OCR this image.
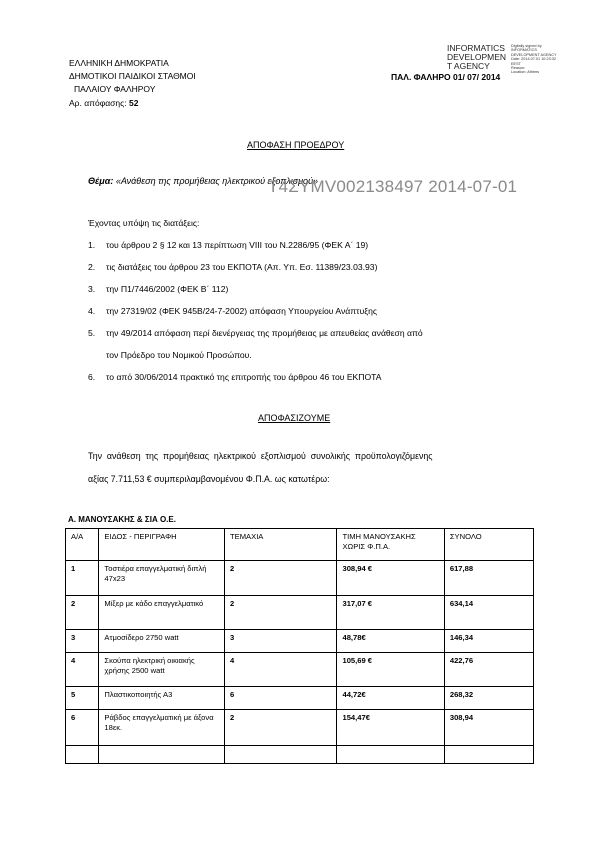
ΕΛΛΗΝΙΚΗ ΔΗΜΟΚΡΑΤΙΑ
ΔΗΜΟΤΙΚΟΙ ΠΑΙΔΙΚΟΙ ΣΤΑΘΜΟΙ
ΠΑΛΑΙΟΥ ΦΑΛΗΡΟΥ
Αρ. απόφασης: 52
INFORMATICS
DEVELOPMEN
T AGENCY
Digitally signed by
INFORMATICS
DEVELOPMENT AGENCY
Date: 2014.07.01 10:23:32
EEST
Reason:
Location: Athens
ΠΑΛ. ΦΑΛΗΡΟ 01/ 07/ 2014
ΑΠΟΦΑΣΗ ΠΡΟΕΔΡΟΥ
Θέμα: «Ανάθεση της προμήθειας ηλεκτρικού εξοπλισμού»
Τ4ΣΥΜV002138497 2014-07-01
Έχοντας υπόψη τις διατάξεις:
1. του άρθρου 2 § 12 και 13 περίπτωση VIII του Ν.2286/95 (ΦΕΚ Α΄ 19)
2. τις διατάξεις του άρθρου 23 του ΕΚΠΟΤΑ (Απ. Υπ. Εσ. 11389/23.03.93)
3. την Π1/7446/2002 (ΦΕΚ Β΄ 112)
4. την 27319/02 (ΦΕΚ 945Β/24-7-2002) απόφαση Υπουργείου Ανάπτυξης
5. την 49/2014 απόφαση περί διενέργειας της προμήθειας με απευθείας ανάθεση από
τον Πρόεδρο του Νομικού Προσώπου.
6. το από 30/06/2014 πρακτικό της επιτροπής του άρθρου 46 του ΕΚΠΟΤΑ
ΑΠΟΦΑΣΙΖΟΥΜΕ
Την  ανάθεση  της  προμήθειας  ηλεκτρικού  εξοπλισμού  συνολικής  προϋπολογιζόμενης
αξίας 7.711,53 € συμπεριλαμβανομένου Φ.Π.Α. ως κατωτέρω:
Α. ΜΑΝΟΥΣΑΚΗΣ & ΣΙΑ Ο.Ε.
Α/Α	ΕΙΔΟΣ - ΠΕΡΙΓΡΑΦΗ	ΤΕΜΑΧΙΑ	ΤΙΜΗ ΜΑΝΟΥΣΑΚΗΣ ΧΩΡΙΣ Φ.Π.Α.	ΣΥΝΟΛΟ
1	Τοστιέρα επαγγελματική διπλή 47x23	2	308,94 €	617,88
2	Μίξερ με κάδο επαγγελματικό	2	317,07 €	634,14
3	Ατμοσίδερο 2750 watt	3	48,78€	146,34
4	Σκούπα ηλεκτρική οικιακής χρήσης 2500 watt	4	105,69 €	422,76
5	Πλαστικοποιητής Α3	6	44,72€	268,32
6	Ράβδος επαγγελματική με άξονα 18εκ.	2	154,47€	308,94
